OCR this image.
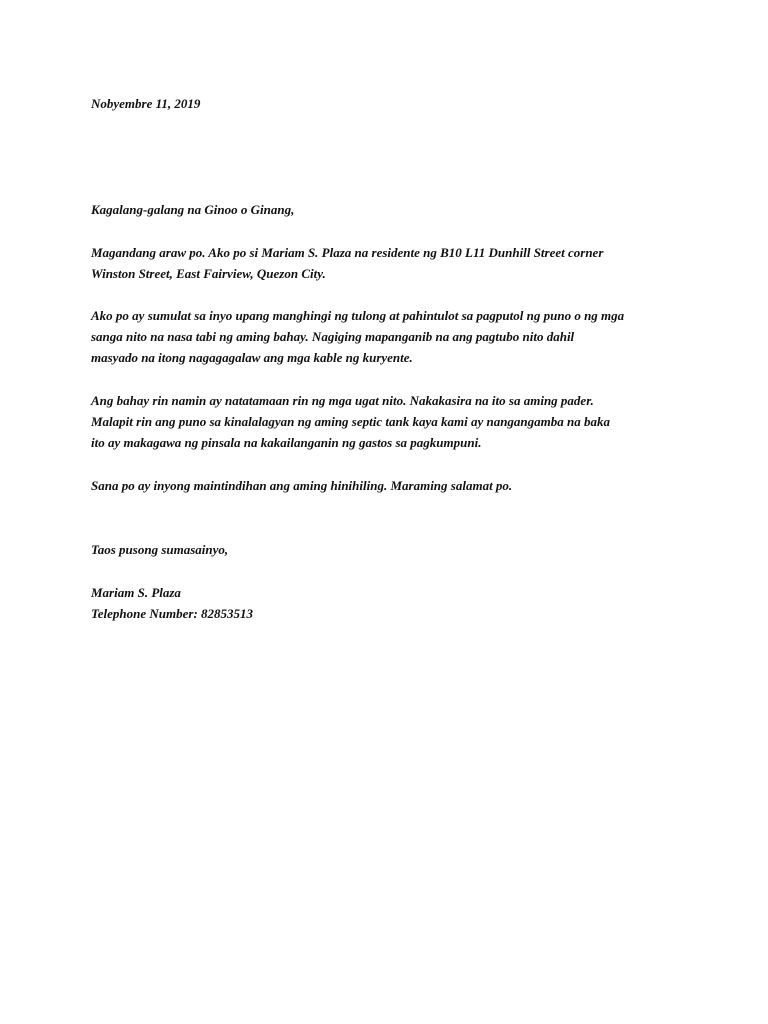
Nobyembre 11, 2019
Kagalang-galang na Ginoo o Ginang,
Magandang araw po. Ako po si Mariam S. Plaza na residente ng B10 L11 Dunhill Street corner
Winston Street, East Fairview, Quezon City.
Ako po ay sumulat sa inyo upang manghingi ng tulong at pahintulot sa pagputol ng puno o ng mga
sanga nito na nasa tabi ng aming bahay. Nagiging mapanganib na ang pagtubo nito dahil
masyado na itong nagagagalaw ang mga kable ng kuryente.
Ang bahay rin namin ay natatamaan rin ng mga ugat nito. Nakakasira na ito sa aming pader.
Malapit rin ang puno sa kinalalagyan ng aming septic tank kaya kami ay nangangamba na baka
ito ay makagawa ng pinsala na kakailanganin ng gastos sa pagkumpuni.
Sana po ay inyong maintindihan ang aming hinihiling. Maraming salamat po.
Taos pusong sumasainyo,
Mariam S. Plaza
Telephone Number: 82853513
